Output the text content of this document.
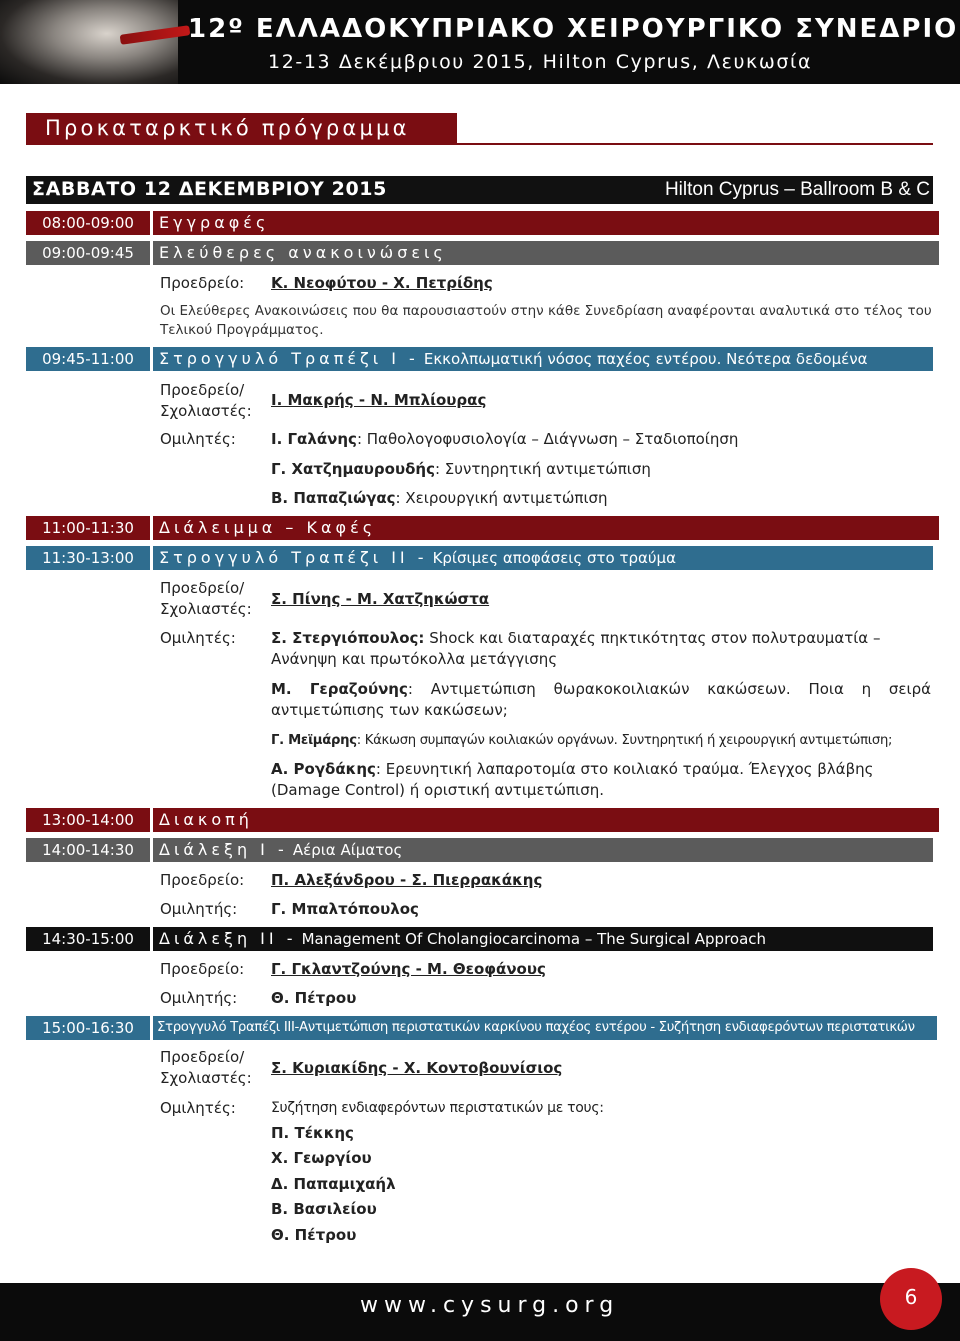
12º ΕΛΛΑΔΟΚΥΠΡΙΑΚΟ ΧΕΙΡΟΥΡΓΙΚΟ ΣΥΝΕΔΡΙΟ
12-13 Δεκέμβριου 2015, Hilton Cyprus, Λευκωσία
Προκαταρκτικό πρόγραμμα
ΣΑΒΒΑΤΟ 12 ΔΕΚΕΜΒΡΙΟΥ 2015	Hilton Cyprus – Ballroom B & C
08:00-09:00	Εγγραφές
09:00-09:45	Ελεύθερες ανακοινώσεις
Προεδρείο: Κ. Νεοφύτου - Χ. Πετρίδης
Οι Ελεύθερες Ανακοινώσεις που θα παρουσιαστούν στην κάθε Συνεδρίαση αναφέρονται αναλυτικά στο τέλος του Τελικού Προγράμματος.
09:45-11:00	Στρογγυλό Τραπέζι I - Εκκολπωματική νόσος παχέος εντέρου. Νεότερα δεδομένα
Προεδρείο/
Σχολιαστές:
Ι. Μακρής - Ν. Μπλίουρας
Ομιλητές: Ι. Γαλάνης: Παθολογοφυσιολογία – Διάγνωση – Σταδιοποίηση
Γ. Χατζημαυρουδής: Συντηρητική αντιμετώπιση
Β. Παπαζιώγας: Χειρουργική αντιμετώπιση
11:00-11:30	Διάλειμμα – Καφές
11:30-13:00	Στρογγυλό Τραπέζι II - Κρίσιμες αποφάσεις στο τραύμα
Προεδρείο/
Σχολιαστές:
Σ. Πίνης - Μ. Χατζηκώστα
Ομιλητές: Σ. Στεργιόπουλος: Shock και διαταραχές πηκτικότητας στον πολυτραυματία – Ανάνηψη και πρωτόκολλα μετάγγισης
Μ. Γεραζούνης: Αντιμετώπιση θωρακοκοιλιακών κακώσεων. Ποια η σειρά αντιμετώπισης των κακώσεων;
Γ. Μεϊμάρης: Κάκωση συμπαγών κοιλιακών οργάνων. Συντηρητική ή χειρουργική αντιμετώπιση;
Α. Ρογδάκης: Ερευνητική λαπαροτομία στο κοιλιακό τραύμα. Έλεγχος βλάβης (Damage Control) ή οριστική αντιμετώπιση.
13:00-14:00	Διακοπή
14:00-14:30	Διάλεξη I - Αέρια Αίματος
Προεδρείο: Π. Αλεξάνδρου - Σ. Πιερρακάκης
Ομιλητής: Γ. Μπαλτόπουλος
14:30-15:00	Διάλεξη II - Management Of Cholangiocarcinoma – The Surgical Approach
Προεδρείο: Γ. Γκλαντζούνης - Μ. Θεοφάνους
Ομιλητής: Θ. Πέτρου
15:00-16:30	Στρογγυλό Τραπέζι ΙΙΙ-Αντιμετώπιση περιστατικών καρκίνου παχέος εντέρου - Συζήτηση ενδιαφερόντων περιστατικών
Προεδρείο/
Σχολιαστές:
Σ. Κυριακίδης - Χ. Κοντοβουνίσιος
Ομιλητές:	Συζήτηση ενδιαφερόντων περιστατικών με τους:
Π. Τέκκης
Χ. Γεωργίου
Δ. Παπαμιχαήλ
Β. Βασιλείου
Θ. Πέτρου
www.cysurg.org	6
